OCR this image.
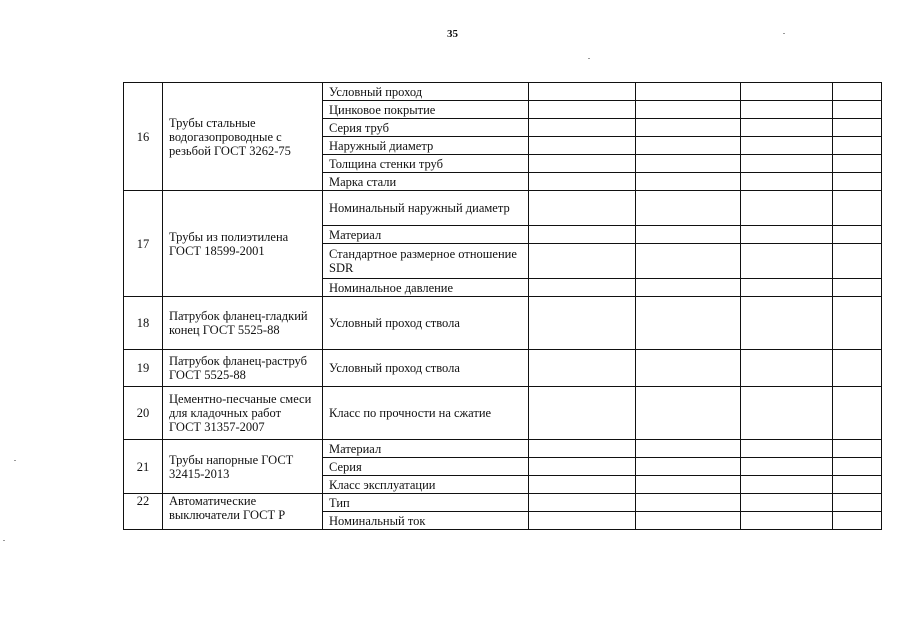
35
16	Трубы стальные водогазопроводные с резьбой ГОСТ 3262-75	Условный проход				
		Цинковое покрытие				
		Серия труб				
		Наружный диаметр				
		Толщина стенки труб				
		Марка стали				
17	Трубы из полиэтилена ГОСТ 18599-2001	Номинальный наружный диаметр				
		Материал				
		Стандартное размерное отношение SDR				
		Номинальное давление				
18	Патрубок фланец-гладкий конец ГОСТ 5525-88	Условный проход ствола				
19	Патрубок фланец-раструб ГОСТ 5525-88	Условный проход ствола				
20	Цементно-песчаные смеси для кладочных работ ГОСТ 31357-2007	Класс по прочности на сжатие				
21	Трубы напорные ГОСТ 32415-2013	Материал				
		Серия				
		Класс эксплуатации				
22	Автоматические выключатели ГОСТ Р	Тип				
		Номинальный ток				
